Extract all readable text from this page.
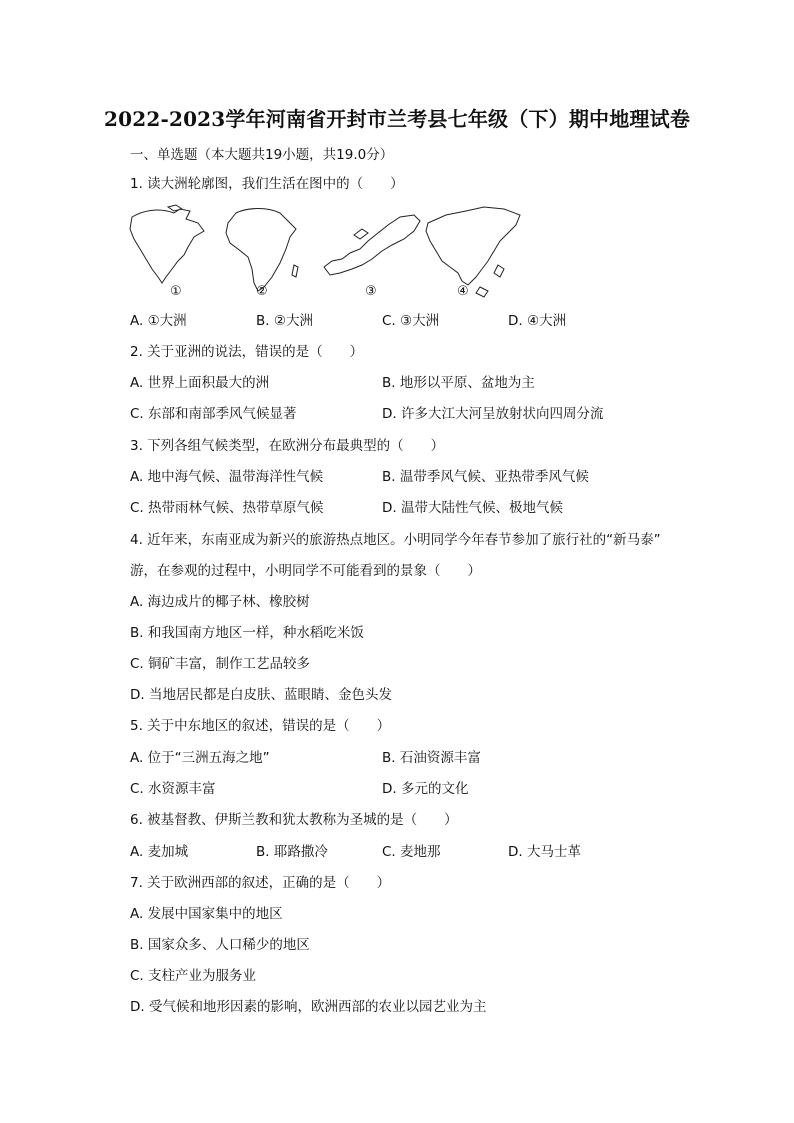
2022-2023学年河南省开封市兰考县七年级（下）期中地理试卷
一、单选题（本大题共19小题，共19.0分）
1. 读大洲轮廓图，我们生活在图中的（　　）
①	②	③	④
A. ①大洲	B. ②大洲	C. ③大洲	D. ④大洲
2. 关于亚洲的说法，错误的是（　　）
A. 世界上面积最大的洲	B. 地形以平原、盆地为主
C. 东部和南部季风气候显著	D. 许多大江大河呈放射状向四周分流
3. 下列各组气候类型，在欧洲分布最典型的（　　）
A. 地中海气候、温带海洋性气候	B. 温带季风气候、亚热带季风气候
C. 热带雨林气候、热带草原气候	D. 温带大陆性气候、极地气候
4. 近年来，东南亚成为新兴的旅游热点地区。小明同学今年春节参加了旅行社的“新马泰”
游，在参观的过程中，小明同学不可能看到的景象（　　）
A. 海边成片的椰子林、橡胶树
B. 和我国南方地区一样，种水稻吃米饭
C. 铜矿丰富，制作工艺品较多
D. 当地居民都是白皮肤、蓝眼睛、金色头发
5. 关于中东地区的叙述，错误的是（　　）
A. 位于“三洲五海之地”	B. 石油资源丰富
C. 水资源丰富	D. 多元的文化
6. 被基督教、伊斯兰教和犹太教称为圣城的是（　　）
A. 麦加城	B. 耶路撒冷	C. 麦地那	D. 大马士革
7. 关于欧洲西部的叙述，正确的是（　　）
A. 发展中国家集中的地区
B. 国家众多、人口稀少的地区
C. 支柱产业为服务业
D. 受气候和地形因素的影响，欧洲西部的农业以园艺业为主
